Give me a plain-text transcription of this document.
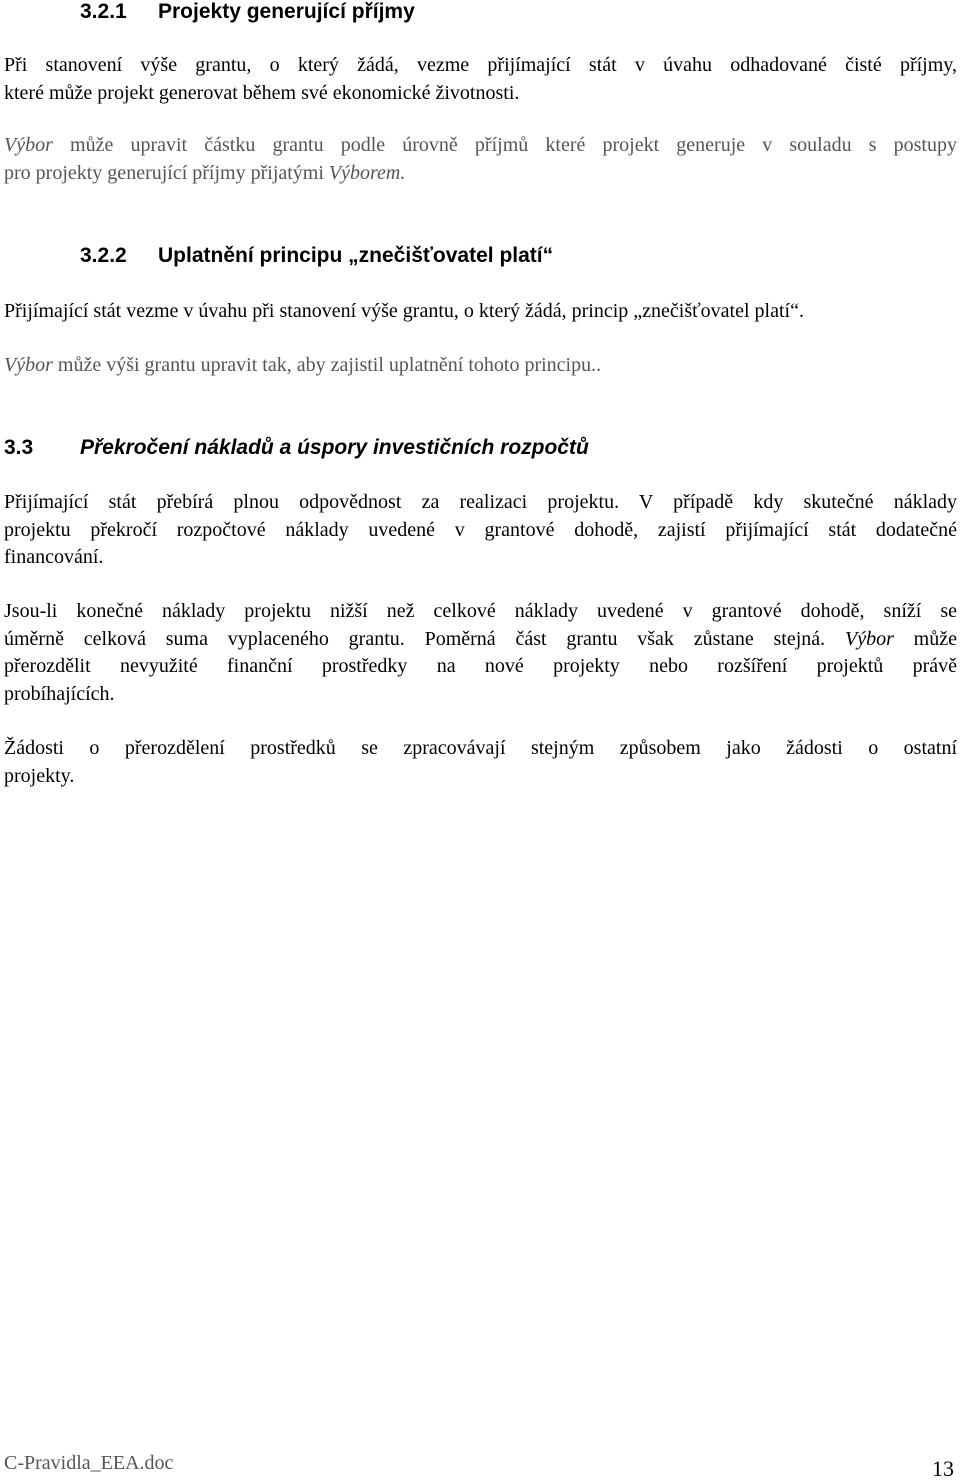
3.2.1 Projekty generující příjmy

Při stanovení výše grantu, o který žádá, vezme přijímající stát v úvahu odhadované čisté příjmy,
které může projekt generovat během své ekonomické životnosti.

Výbor může upravit částku grantu podle úrovně příjmů které projekt generuje v souladu s postupy
pro projekty generující příjmy přijatými Výborem.

3.2.2 Uplatnění principu „znečišťovatel platí“

Přijímající stát vezme v úvahu při stanovení výše grantu, o který žádá, princip „znečišťovatel platí“.

Výbor může výši grantu upravit tak, aby zajistil uplatnění tohoto principu..

3.3 Překročení nákladů a úspory investičních rozpočtů

Přijímající stát přebírá plnou odpovědnost za realizaci projektu. V případě kdy skutečné náklady
projektu překročí rozpočtové náklady uvedené v grantové dohodě, zajistí přijímající stát dodatečné
financování.

Jsou-li konečné náklady projektu nižší než celkové náklady uvedené v grantové dohodě, sníží se
úměrně celková suma vyplaceného grantu. Poměrná část grantu však zůstane stejná. Výbor může
přerozdělit nevyužité finanční prostředky na nové projekty nebo rozšíření projektů právě
probíhajících.

Žádosti o přerozdělení prostředků se zpracovávají stejným způsobem jako žádosti o ostatní
projekty.

C-Pravidla_EEA.doc	13
